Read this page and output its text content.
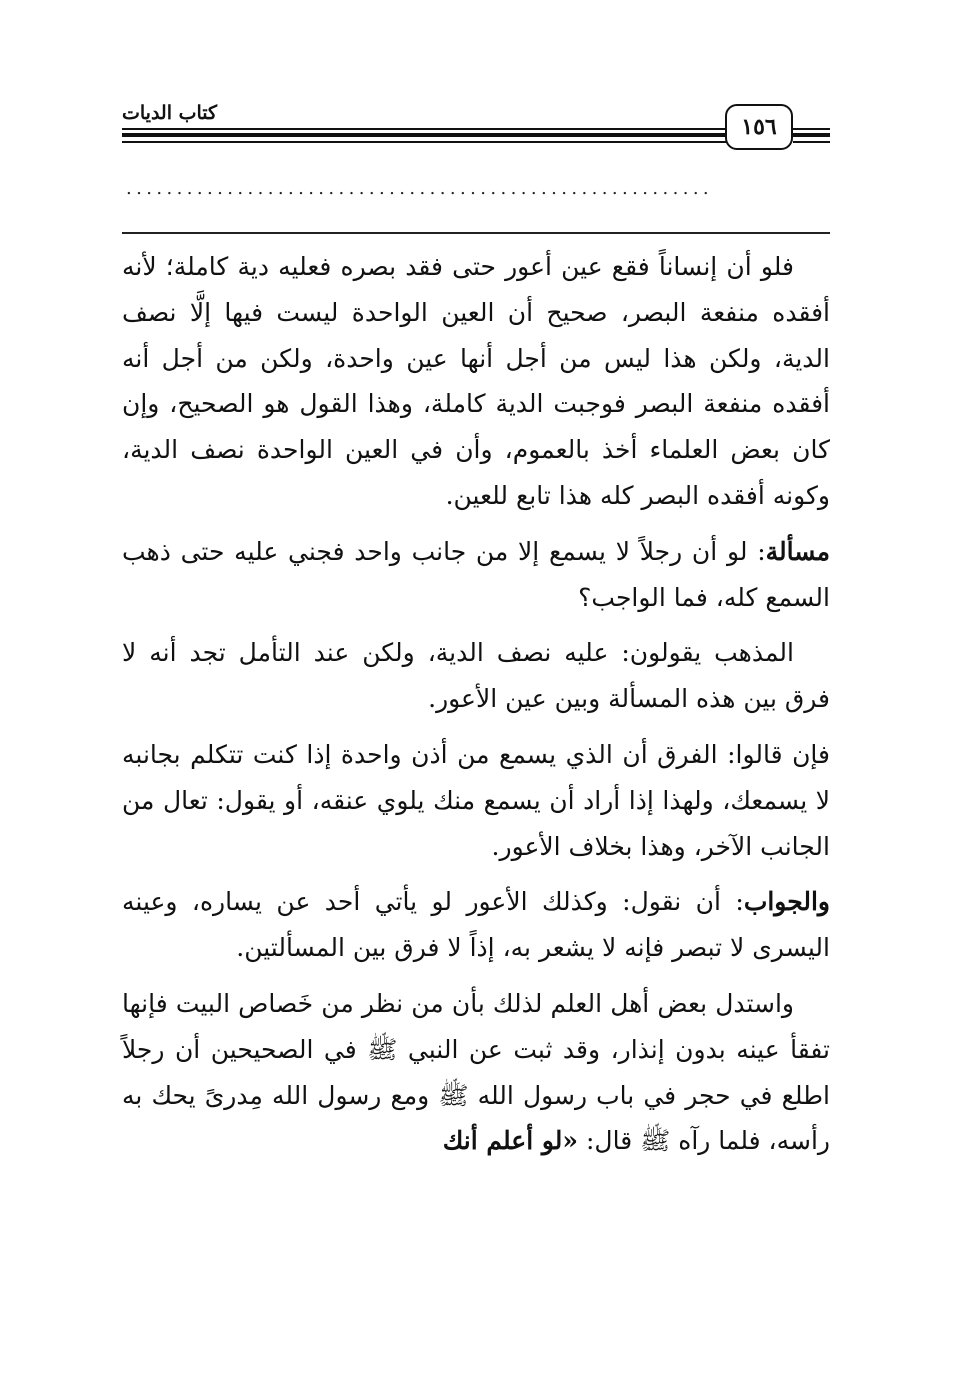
كتاب الديات
١٥٦
..........................................................

فلو أن إنساناً فقع عين أعور حتى فقد بصره فعليه دية كاملة؛ لأنه أفقده منفعة البصر، صحيح أن العين الواحدة ليست فيها إلَّا نصف الدية، ولكن هذا ليس من أجل أنها عين واحدة، ولكن من أجل أنه أفقده منفعة البصر فوجبت الدية كاملة، وهذا القول هو الصحيح، وإن كان بعض العلماء أخذ بالعموم، وأن في العين الواحدة نصف الدية، وكونه أفقده البصر كله هذا تابع للعين.

مسألة: لو أن رجلاً لا يسمع إلا من جانب واحد فجني عليه حتى ذهب السمع كله، فما الواجب؟

المذهب يقولون: عليه نصف الدية، ولكن عند التأمل تجد أنه لا فرق بين هذه المسألة وبين عين الأعور.

فإن قالوا: الفرق أن الذي يسمع من أذن واحدة إذا كنت تتكلم بجانبه لا يسمعك، ولهذا إذا أراد أن يسمع منك يلوي عنقه، أو يقول: تعال من الجانب الآخر، وهذا بخلاف الأعور.

والجواب: أن نقول: وكذلك الأعور لو يأتي أحد عن يساره، وعينه اليسرى لا تبصر فإنه لا يشعر به، إذاً لا فرق بين المسألتين.

واستدل بعض أهل العلم لذلك بأن من نظر من خَصاص البيت فإنها تفقأ عينه بدون إنذار، وقد ثبت عن النبي ﷺ في الصحيحين أن رجلاً اطلع في حجر في باب رسول الله ﷺ ومع رسول الله مِدرىً يحك به رأسه، فلما رآه ﷺ قال: «لو أعلم أنك
